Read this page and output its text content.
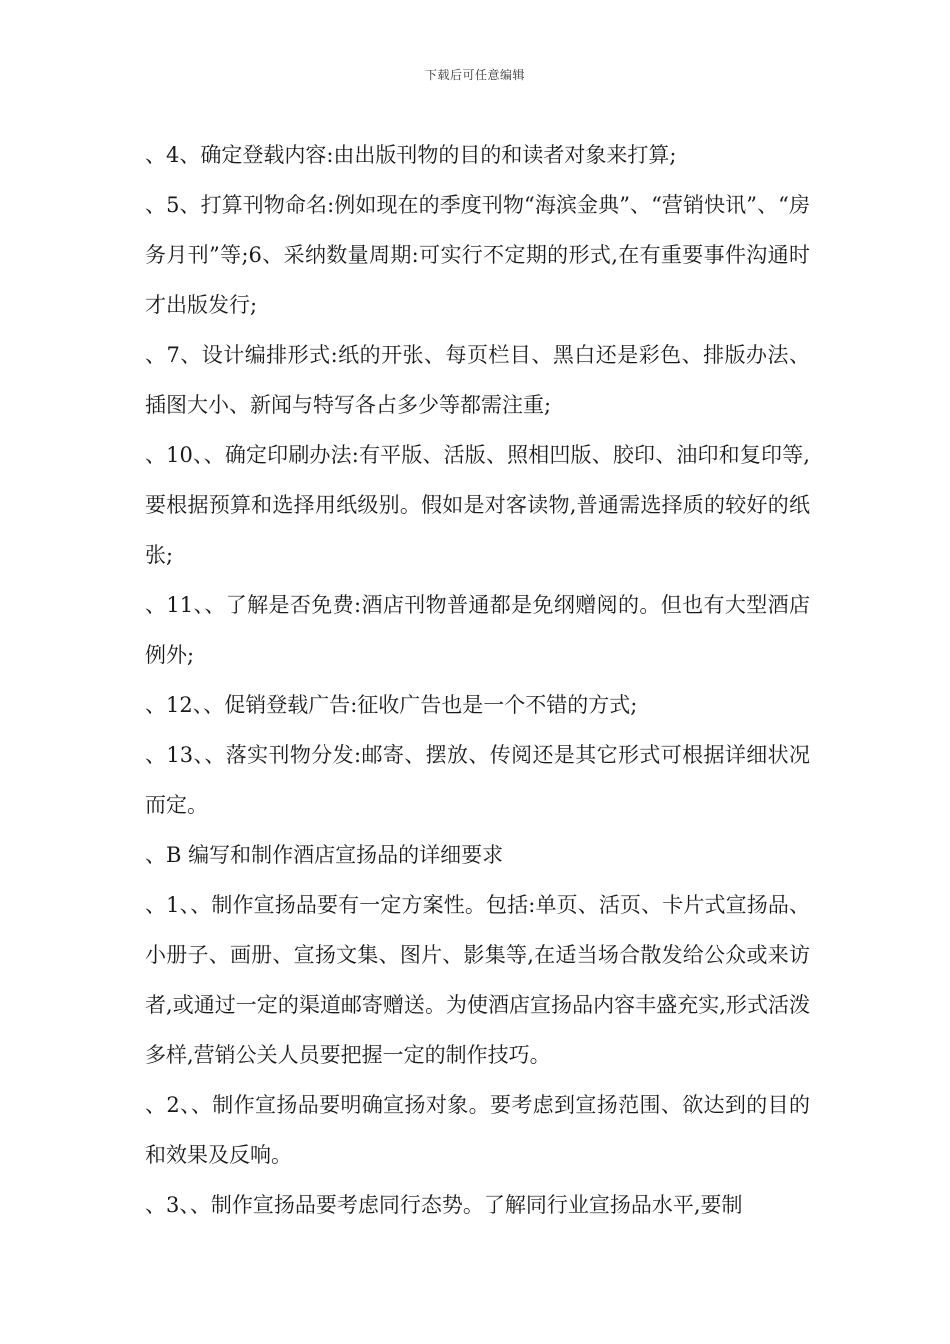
下载后可任意编辑

、4、确定登载内容:由出版刊物的目的和读者对象来打算;

、5、打算刊物命名:例如现在的季度刊物“海滨金典”、“营销快讯”、“房务月刊”等;6、采纳数量周期:可实行不定期的形式,在有重要事件沟通时才出版发行;

、7、设计编排形式:纸的开张、每页栏目、黑白还是彩色、排版办法、插图大小、新闻与特写各占多少等都需注重;

、10、、确定印刷办法:有平版、活版、照相凹版、胶印、油印和复印等,要根据预算和选择用纸级别。假如是对客读物,普通需选择质的较好的纸张;

、11、、了解是否免费:酒店刊物普通都是免纲赠阅的。但也有大型酒店例外;

、12、、促销登载广告:征收广告也是一个不错的方式;

、13、、落实刊物分发:邮寄、摆放、传阅还是其它形式可根据详细状况而定。

、B 编写和制作酒店宣扬品的详细要求

、1、、制作宣扬品要有一定方案性。包括:单页、活页、卡片式宣扬品、小册子、画册、宣扬文集、图片、影集等,在适当场合散发给公众或来访者,或通过一定的渠道邮寄赠送。为使酒店宣扬品内容丰盛充实,形式活泼多样,营销公关人员要把握一定的制作技巧。

、2、、制作宣扬品要明确宣扬对象。要考虑到宣扬范围、欲达到的目的和效果及反响。

、3、、制作宣扬品要考虑同行态势。了解同行业宣扬品水平,要制
